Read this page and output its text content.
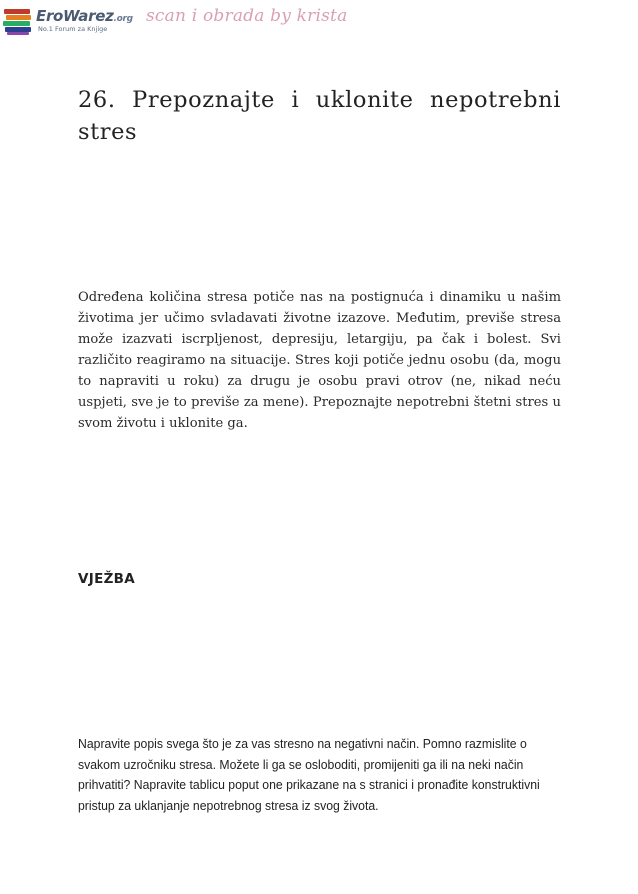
EroWarez.org
No.1 Forum za Knjige
scan i obrada by krista
26. Prepoznajte i uklonite nepotrebni stres

Određena količina stresa potiče nas na postignuća i dinamiku u našim životima jer učimo svladavati životne izazove. Međutim, previše stresa može izazvati iscrpljenost, depresiju, letargiju, pa čak i bolest. Svi različito reagiramo na situacije. Stres koji potiče jednu osobu (da, mogu to napraviti u roku) za drugu je osobu pravi otrov (ne, nikad neću uspjeti, sve je to previše za mene). Prepoznajte nepotrebni štetni stres u svom životu i uklonite ga.

VJEŽBA

Napravite popis svega što je za vas stresno na negativni način. Pomno razmislite o svakom uzročniku stresa. Možete li ga se osloboditi, promijeniti ga ili na neki način prihvatiti? Napravite tablicu poput one prikazane na s stranici i pronađite konstruktivni pristup za uklanjanje nepotrebnog stresa iz svog života.
